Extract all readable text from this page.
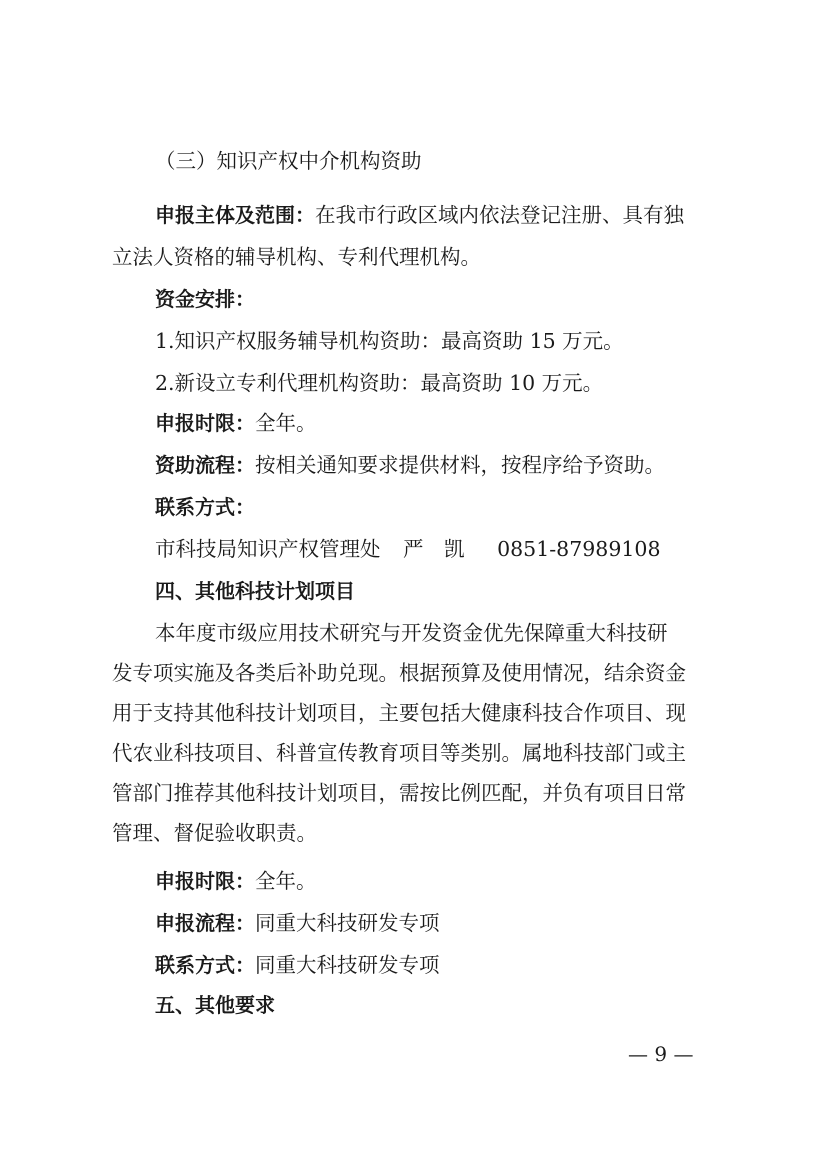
（三）知识产权中介机构资助
申报主体及范围：在我市行政区域内依法登记注册、具有独
立法人资格的辅导机构、专利代理机构。
资金安排：
1.知识产权服务辅导机构资助：最高资助 15 万元。
2.新设立专利代理机构资助：最高资助 10 万元。
申报时限：全年。
资助流程：按相关通知要求提供材料，按程序给予资助。
联系方式：
市科技局知识产权管理处 严　凯 0851-87989108
四、其他科技计划项目
本年度市级应用技术研究与开发资金优先保障重大科技研
发专项实施及各类后补助兑现。根据预算及使用情况，结余资金
用于支持其他科技计划项目，主要包括大健康科技合作项目、现
代农业科技项目、科普宣传教育项目等类别。属地科技部门或主
管部门推荐其他科技计划项目，需按比例匹配，并负有项目日常
管理、督促验收职责。
申报时限：全年。
申报流程：同重大科技研发专项
联系方式：同重大科技研发专项
五、其他要求
— 9 —
